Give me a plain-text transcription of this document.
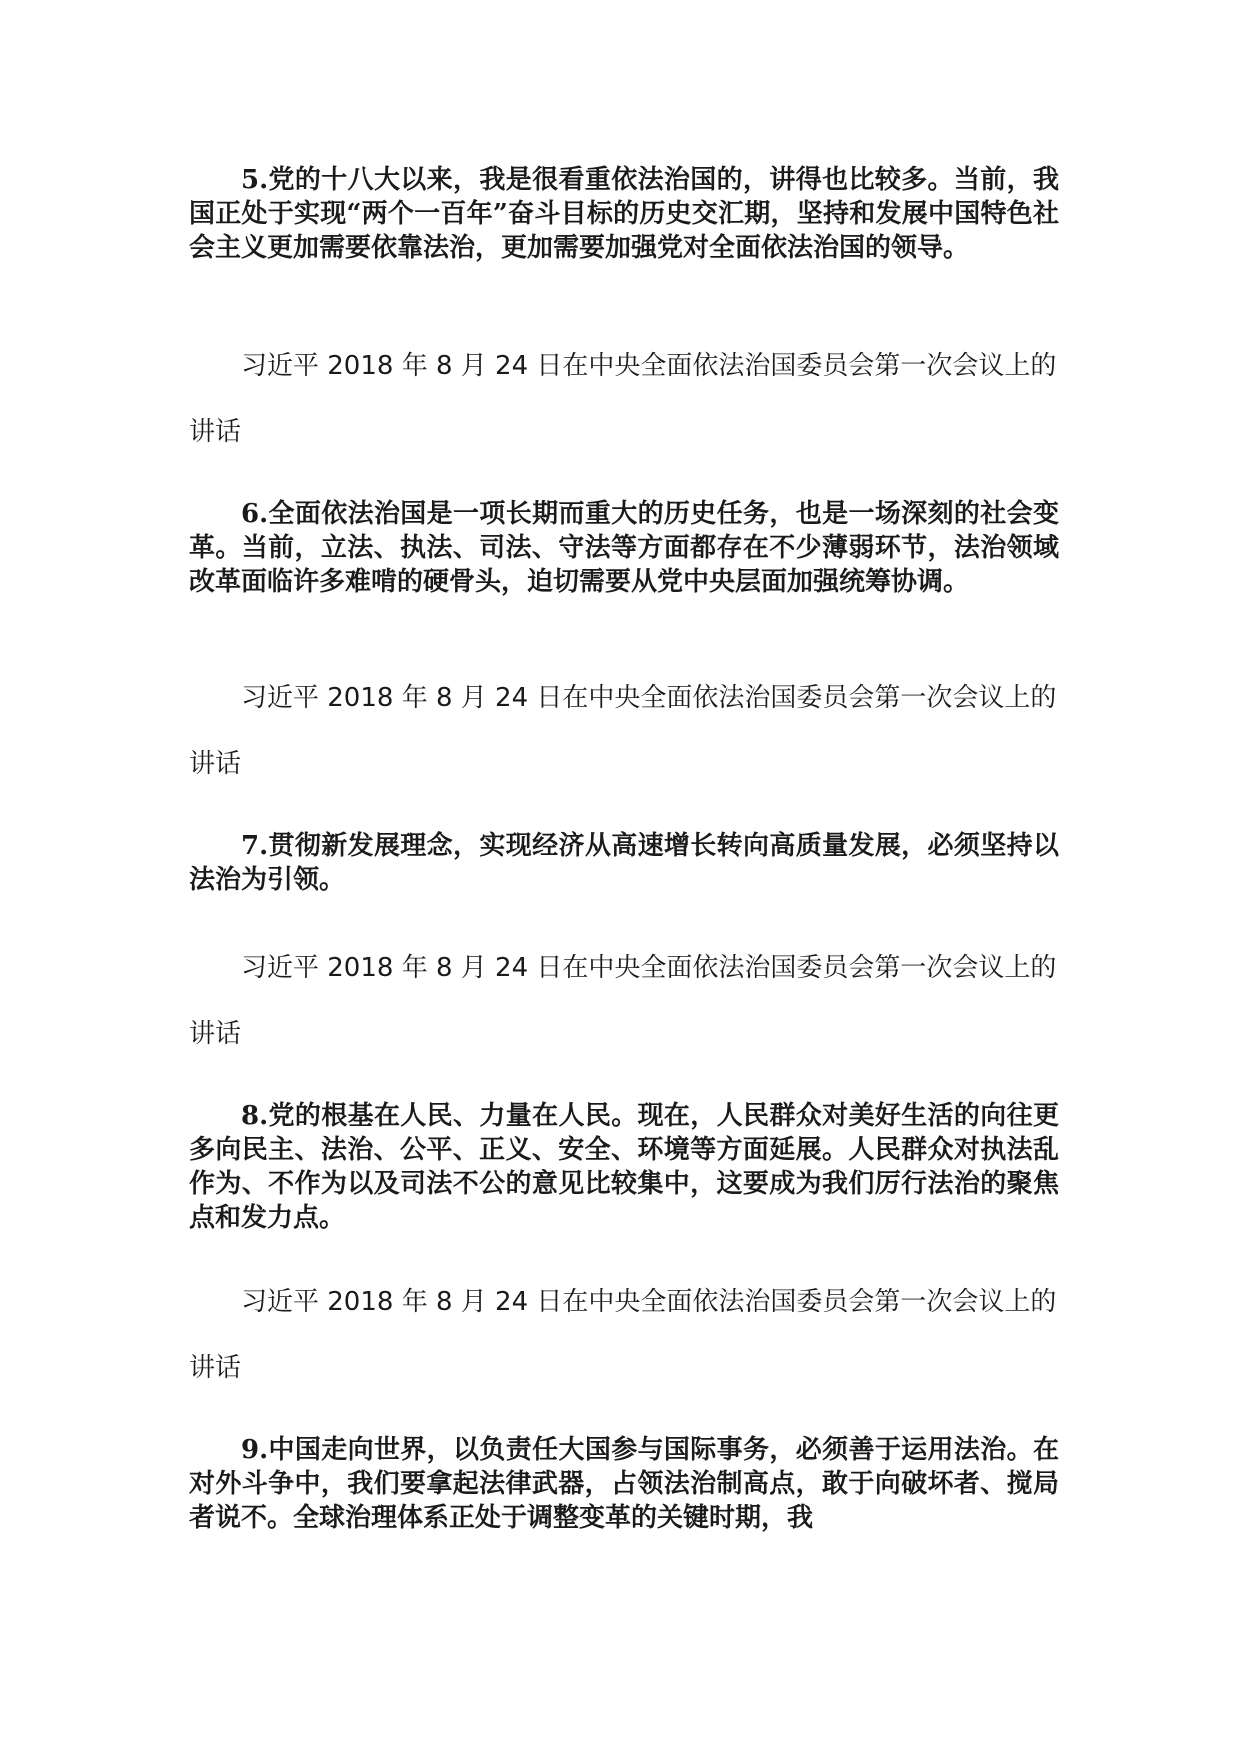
5.党的十八大以来，我是很看重依法治国的，讲得也比较多。当前，我国正处于实现“两个一百年”奋斗目标的历史交汇期，坚持和发展中国特色社会主义更加需要依靠法治，更加需要加强党对全面依法治国的领导。

习近平 2018 年 8 月 24 日在中央全面依法治国委员会第一次会议上的讲话

6.全面依法治国是一项长期而重大的历史任务，也是一场深刻的社会变革。当前，立法、执法、司法、守法等方面都存在不少薄弱环节，法治领域改革面临许多难啃的硬骨头，迫切需要从党中央层面加强统筹协调。

习近平 2018 年 8 月 24 日在中央全面依法治国委员会第一次会议上的讲话

7.贯彻新发展理念，实现经济从高速增长转向高质量发展，必须坚持以法治为引领。

习近平 2018 年 8 月 24 日在中央全面依法治国委员会第一次会议上的讲话

8.党的根基在人民、力量在人民。现在，人民群众对美好生活的向往更多向民主、法治、公平、正义、安全、环境等方面延展。人民群众对执法乱作为、不作为以及司法不公的意见比较集中，这要成为我们厉行法治的聚焦点和发力点。

习近平 2018 年 8 月 24 日在中央全面依法治国委员会第一次会议上的讲话

9.中国走向世界，以负责任大国参与国际事务，必须善于运用法治。在对外斗争中，我们要拿起法律武器，占领法治制高点，敢于向破坏者、搅局者说不。全球治理体系正处于调整变革的关键时期，我
